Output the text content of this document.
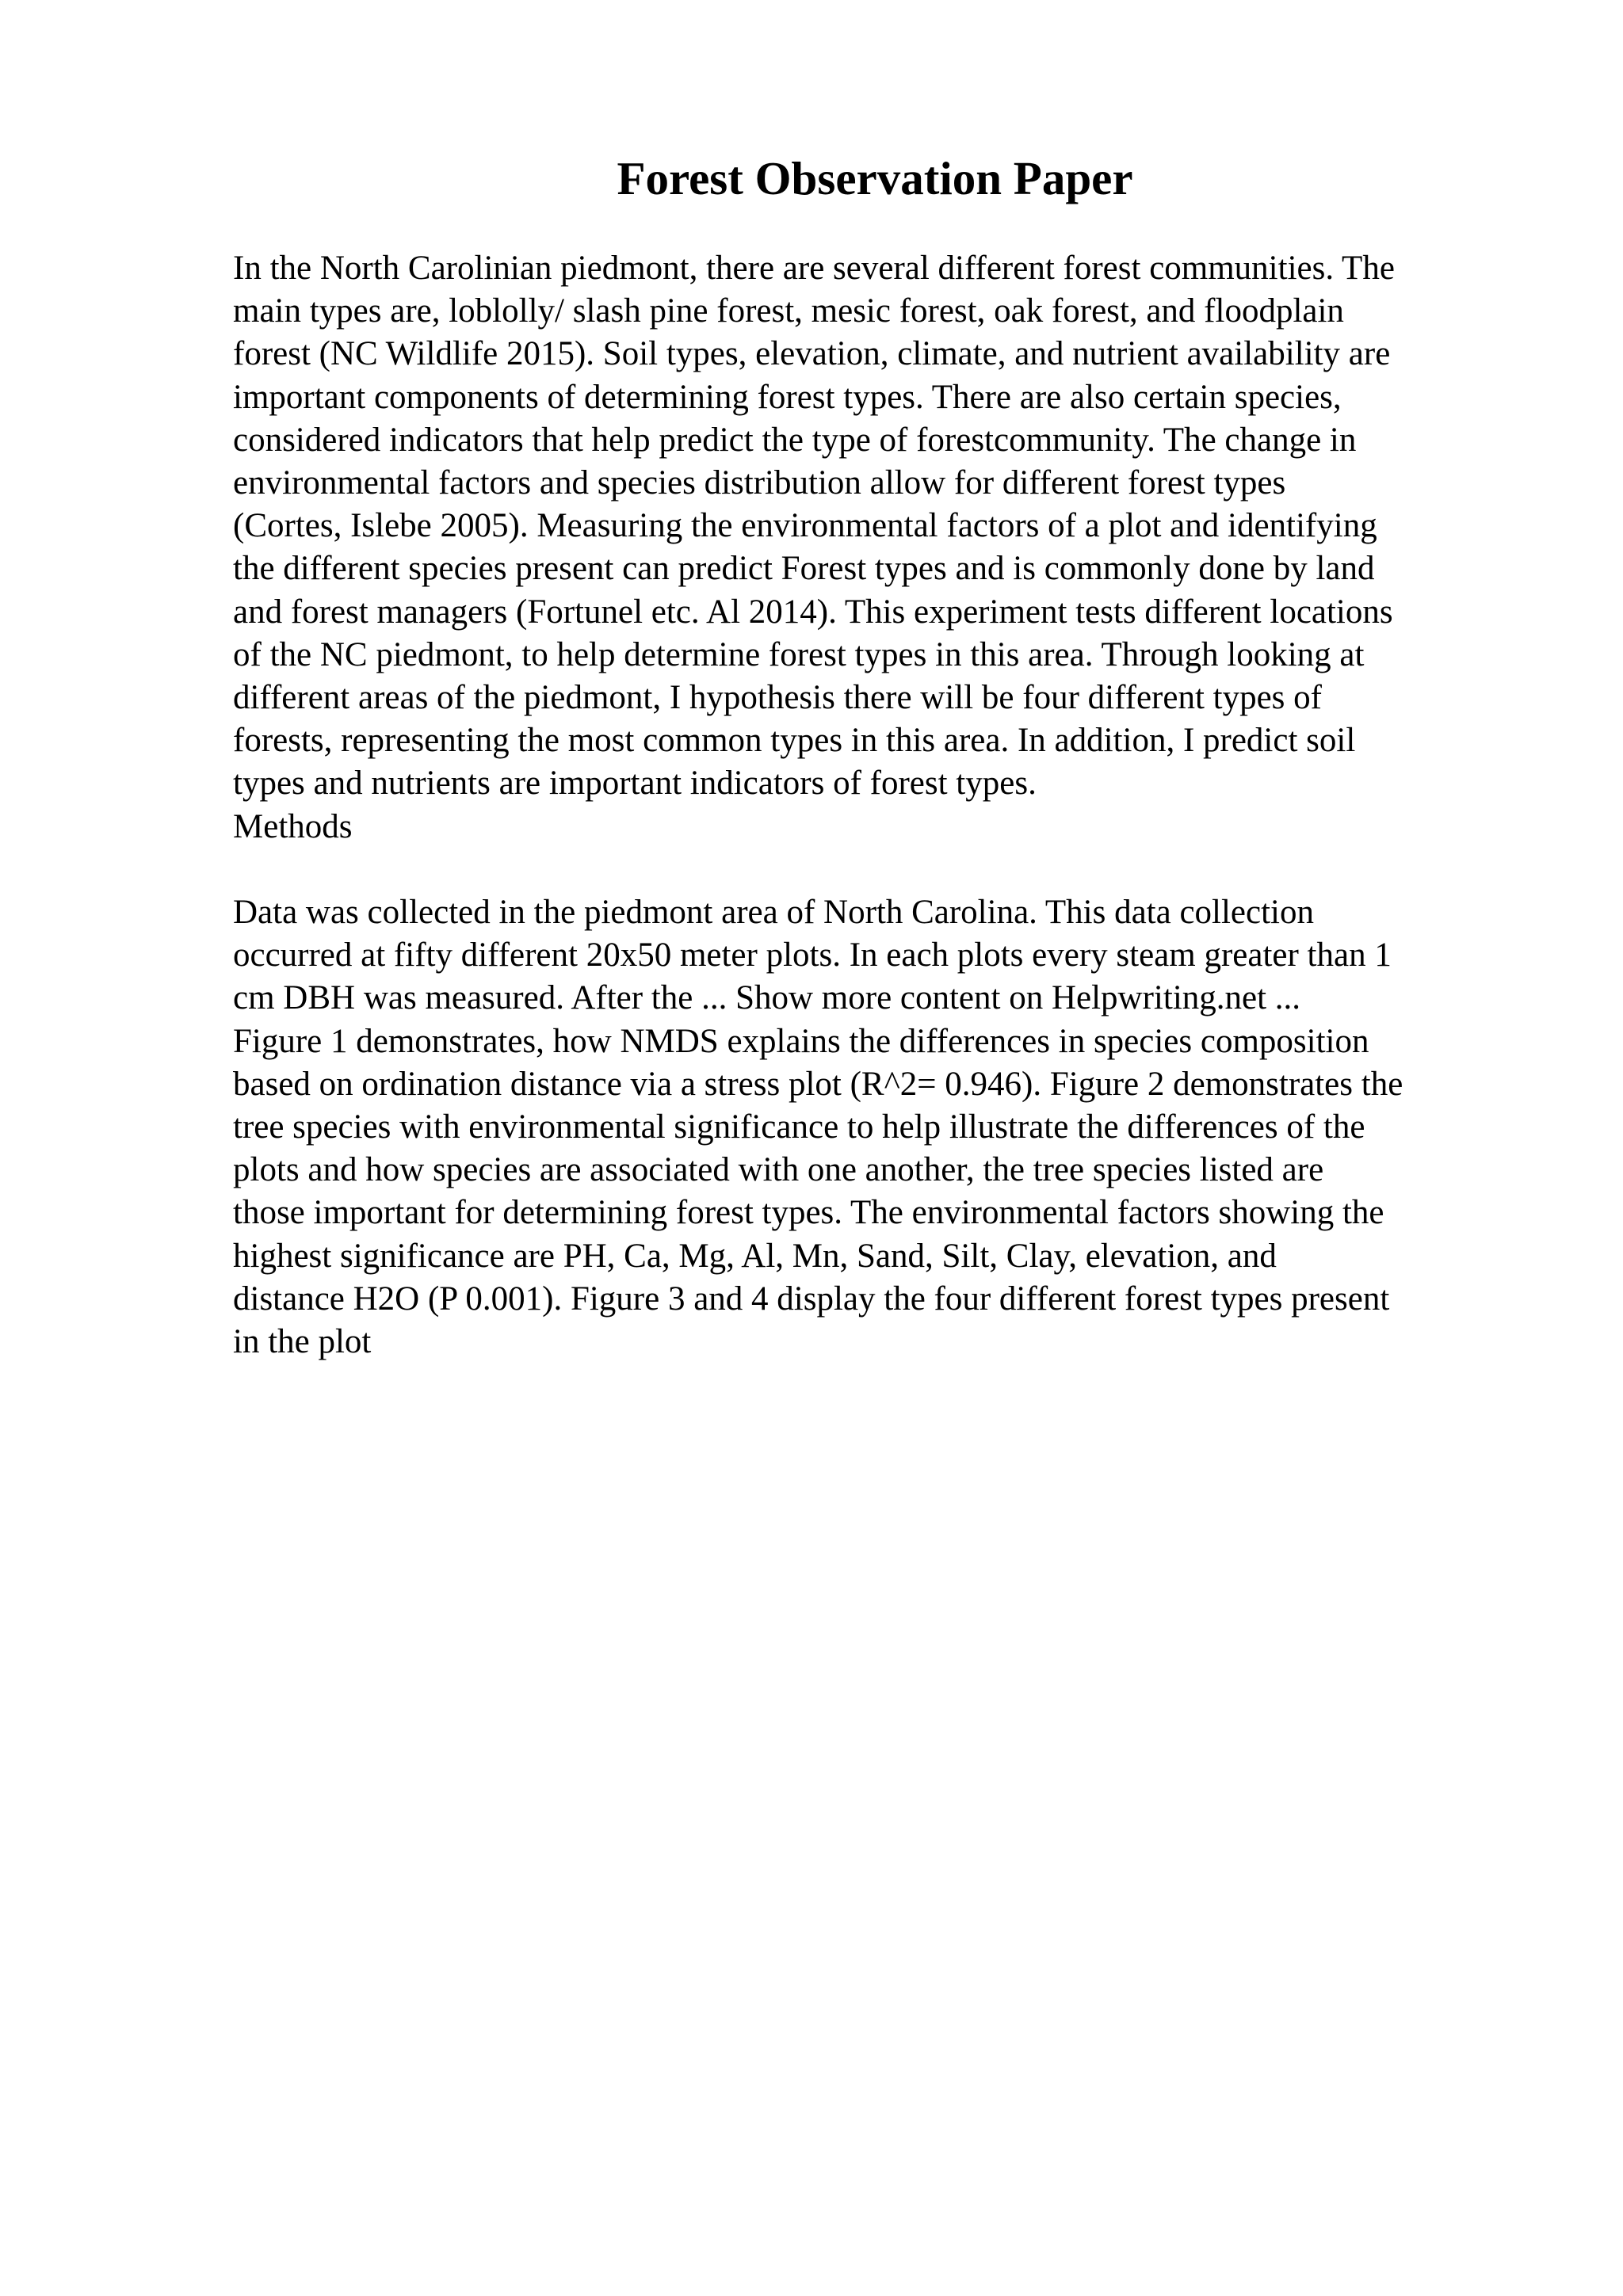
Forest Observation Paper
In the North Carolinian piedmont, there are several different forest communities. The
main types are, loblolly/ slash pine forest, mesic forest, oak forest, and floodplain
forest (NC Wildlife 2015). Soil types, elevation, climate, and nutrient availability are
important components of determining forest types. There are also certain species,
considered indicators that help predict the type of forestcommunity. The change in
environmental factors and species distribution allow for different forest types
(Cortes, Islebe 2005). Measuring the environmental factors of a plot and identifying
the different species present can predict Forest types and is commonly done by land
and forest managers (Fortunel etc. Al 2014). This experiment tests different locations
of the NC piedmont, to help determine forest types in this area. Through looking at
different areas of the piedmont, I hypothesis there will be four different types of
forests, representing the most common types in this area. In addition, I predict soil
types and nutrients are important indicators of forest types.
Methods
Data was collected in the piedmont area of North Carolina. This data collection
occurred at fifty different 20x50 meter plots. In each plots every steam greater than 1
cm DBH was measured. After the ... Show more content on Helpwriting.net ...
Figure 1 demonstrates, how NMDS explains the differences in species composition
based on ordination distance via a stress plot (R^2= 0.946). Figure 2 demonstrates the
tree species with environmental significance to help illustrate the differences of the
plots and how species are associated with one another, the tree species listed are
those important for determining forest types. The environmental factors showing the
highest significance are PH, Ca, Mg, Al, Mn, Sand, Silt, Clay, elevation, and
distance H2O (P 0.001). Figure 3 and 4 display the four different forest types present
in the plot
